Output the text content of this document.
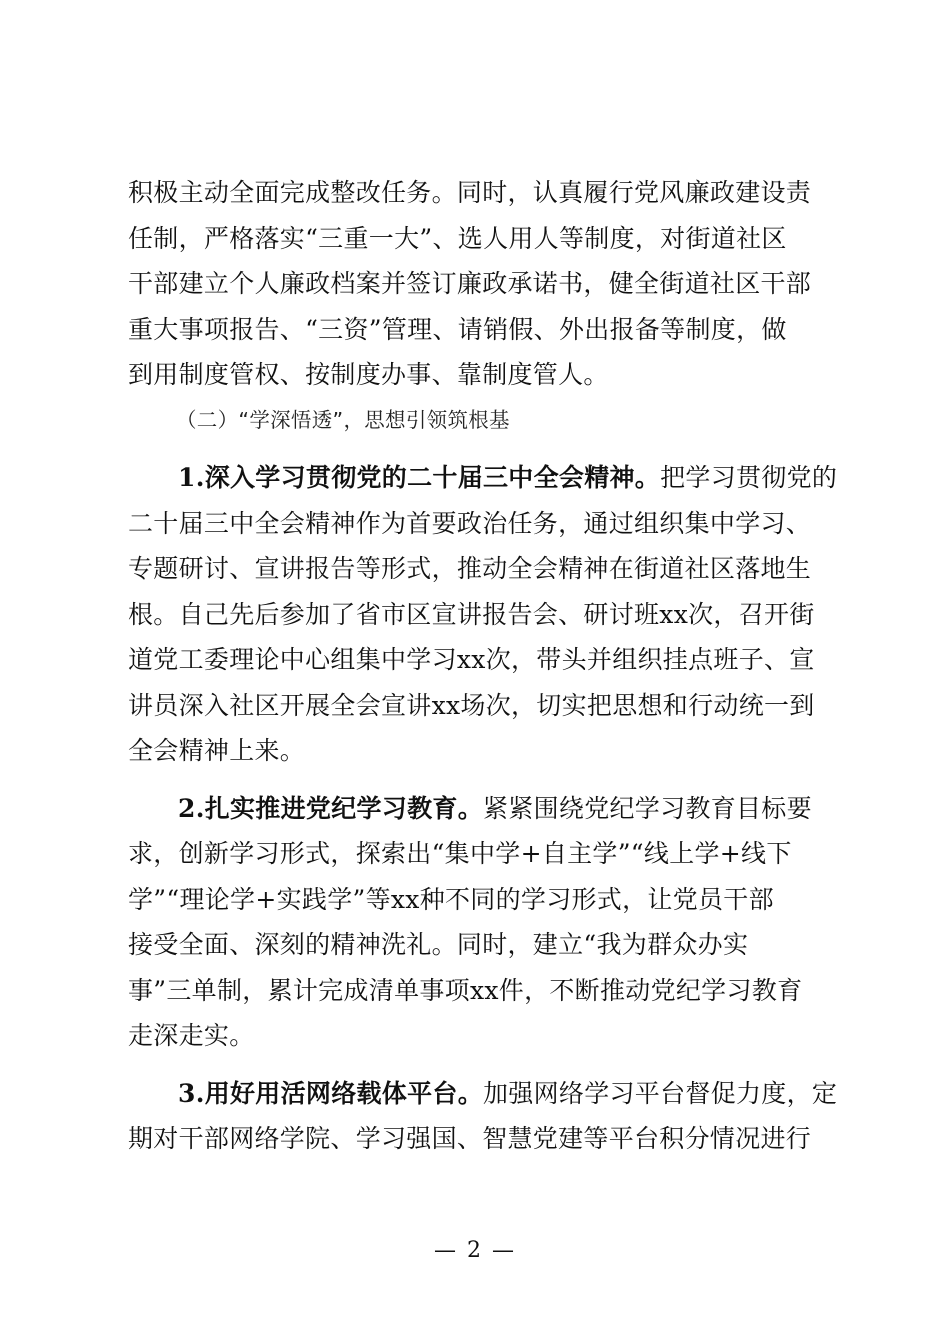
积极主动全面完成整改任务。同时，认真履行党风廉政建设责
任制，严格落实“三重一大”、选人用人等制度，对街道社区
干部建立个人廉政档案并签订廉政承诺书，健全街道社区干部
重大事项报告、“三资”管理、请销假、外出报备等制度，做
到用制度管权、按制度办事、靠制度管人。

（二）“学深悟透”，思想引领筑根基

1.深入学习贯彻党的二十届三中全会精神。把学习贯彻党的
二十届三中全会精神作为首要政治任务，通过组织集中学习、
专题研讨、宣讲报告等形式，推动全会精神在街道社区落地生
根。自己先后参加了省市区宣讲报告会、研讨班xx次，召开街
道党工委理论中心组集中学习xx次，带头并组织挂点班子、宣
讲员深入社区开展全会宣讲xx场次，切实把思想和行动统一到
全会精神上来。

2.扎实推进党纪学习教育。紧紧围绕党纪学习教育目标要
求，创新学习形式，探索出“集中学+自主学”“线上学+线下
学”“理论学+实践学”等xx种不同的学习形式，让党员干部
接受全面、深刻的精神洗礼。同时，建立“我为群众办实
事”三单制，累计完成清单事项xx件，不断推动党纪学习教育
走深走实。

3.用好用活网络载体平台。加强网络学习平台督促力度，定
期对干部网络学院、学习强国、智慧党建等平台积分情况进行

— 2 —
